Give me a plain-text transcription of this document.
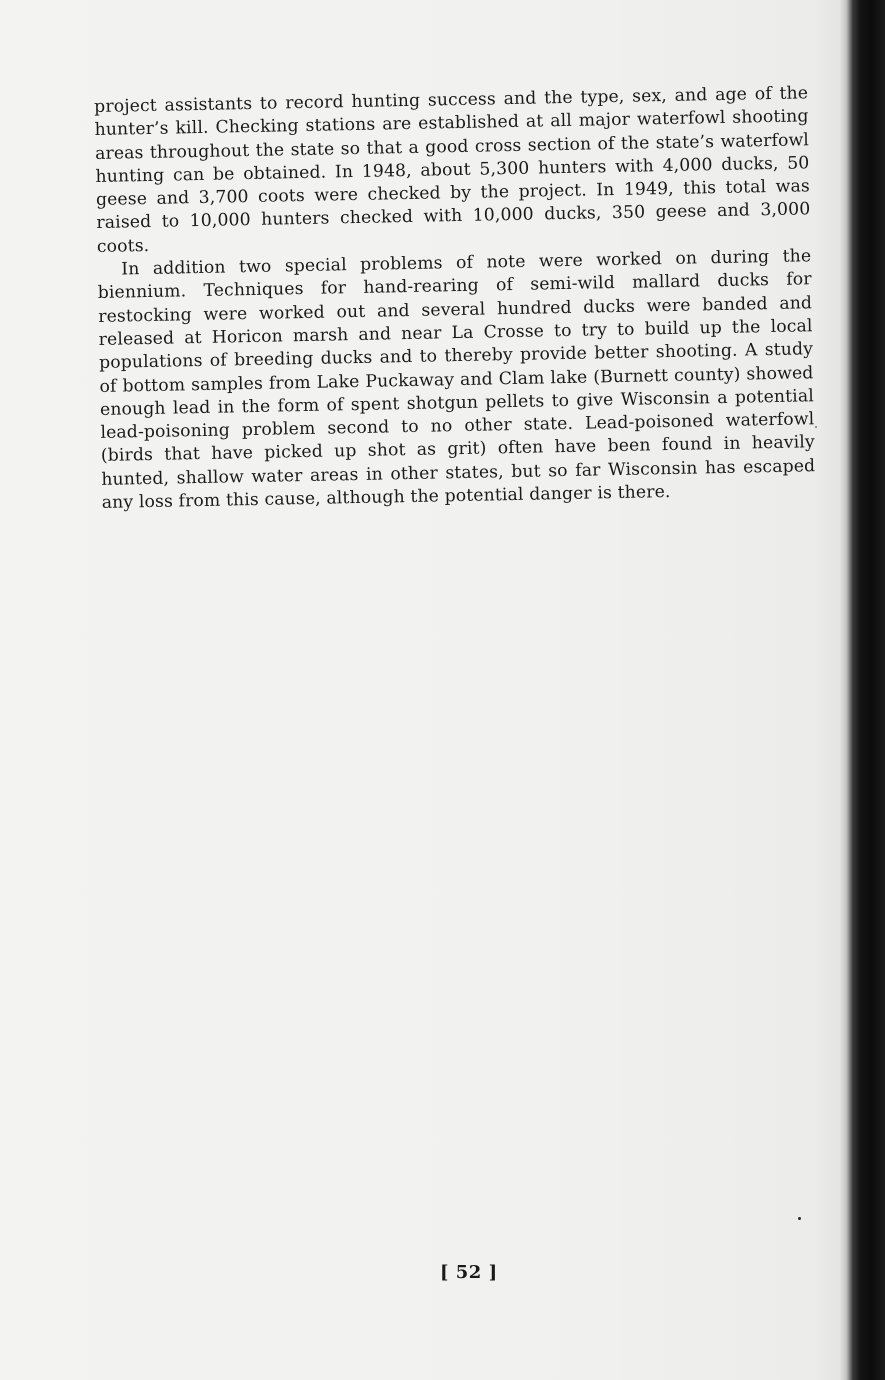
project assistants to record hunting success and the type, sex, and age of the hunter’s kill. Checking stations are established at all major waterfowl shooting areas throughout the state so that a good cross section of the state’s waterfowl hunting can be obtained. In 1948, about 5,300 hunters with 4,000 ducks, 50 geese and 3,700 coots were checked by the project. In 1949, this total was raised to 10,000 hunters checked with 10,000 ducks, 350 geese and 3,000 coots.

In addition two special problems of note were worked on during the biennium. Techniques for hand-rearing of semi-wild mallard ducks for restocking were worked out and several hundred ducks were banded and released at Horicon marsh and near La Crosse to try to build up the local populations of breeding ducks and to thereby provide better shooting. A study of bottom samples from Lake Puckaway and Clam lake (Burnett county) showed enough lead in the form of spent shotgun pellets to give Wisconsin a potential lead-poisoning problem second to no other state. Lead-poisoned waterfowl (birds that have picked up shot as grit) often have been found in heavily hunted, shallow water areas in other states, but so far Wisconsin has escaped any loss from this cause, although the potential danger is there.

[ 52 ]
